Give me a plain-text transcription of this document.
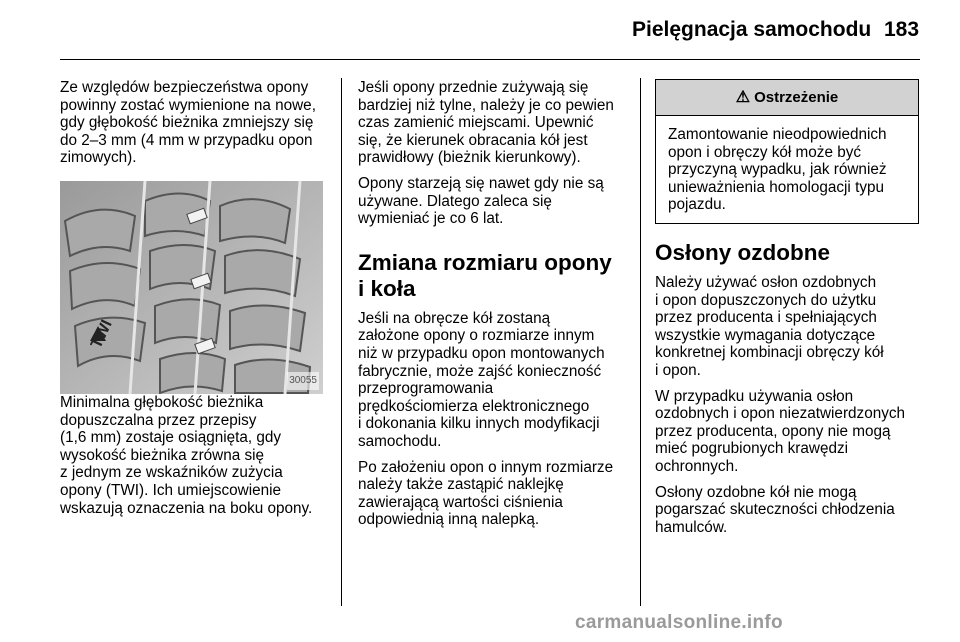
Pielęgnacja samochodu 183

Ze względów bezpieczeństwa opony
powinny zostać wymienione na nowe,
gdy głębokość bieżnika zmniejszy się
do 2–3 mm (4 mm w przypadku opon
zimowych).

TWI
30055

Minimalna głębokość bieżnika
dopuszczalna przez przepisy
(1,6 mm) zostaje osiągnięta, gdy
wysokość bieżnika zrówna się
z jednym ze wskaźników zużycia
opony (TWI). Ich umiejscowienie
wskazują oznaczenia na boku opony.

Jeśli opony przednie zużywają się
bardziej niż tylne, należy je co pewien
czas zamienić miejscami. Upewnić
się, że kierunek obracania kół jest
prawidłowy (bieżnik kierunkowy).

Opony starzeją się nawet gdy nie są
używane. Dlatego zaleca się
wymieniać je co 6 lat.

Zmiana rozmiaru opony
i koła

Jeśli na obręcze kół zostaną
założone opony o rozmiarze innym
niż w przypadku opon montowanych
fabrycznie, może zajść konieczność
przeprogramowania
prędkościomierza elektronicznego
i dokonania kilku innych modyfikacji
samochodu.

Po założeniu opon o innym rozmiarze
należy także zastąpić naklejkę
zawierającą wartości ciśnienia
odpowiednią inną nalepką.

⚠ Ostrzeżenie
Zamontowanie nieodpowiednich
opon i obręczy kół może być
przyczyną wypadku, jak również
unieważnienia homologacji typu
pojazdu.
Osłony ozdobne

Należy używać osłon ozdobnych
i opon dopuszczonych do użytku
przez producenta i spełniających
wszystkie wymagania dotyczące
konkretnej kombinacji obręczy kół
i opon.

W przypadku używania osłon
ozdobnych i opon niezatwierdzonych
przez producenta, opony nie mogą
mieć pogrubionych krawędzi
ochronnych.

Osłony ozdobne kół nie mogą
pogarszać skuteczności chłodzenia
hamulców.

carmanualsonline.info
